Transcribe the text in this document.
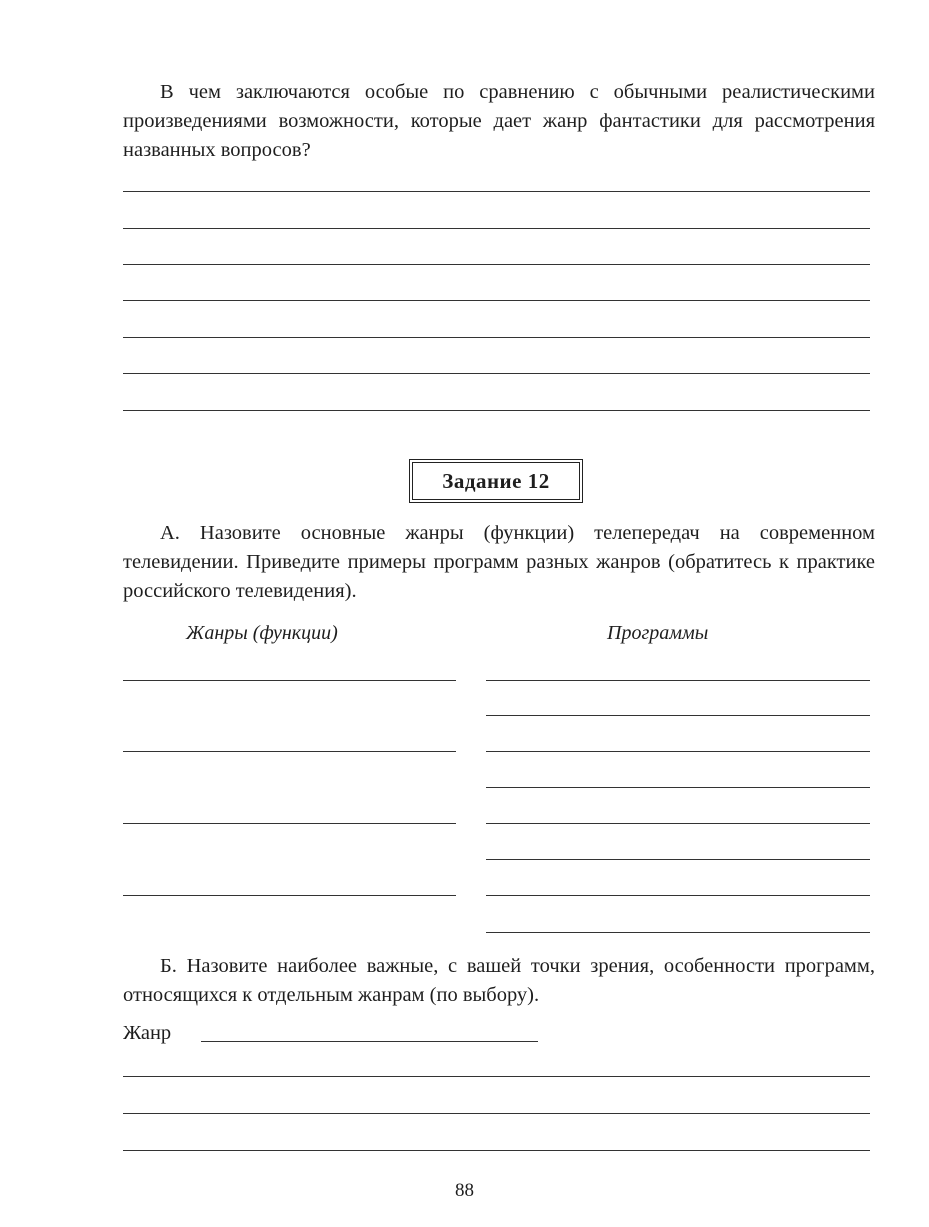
В чем заключаются особые по сравнению с обычными реалистическими произведениями возможности, которые дает жанр фантастики для рассмотрения названных вопросов?

Задание 12

А. Назовите основные жанры (функции) телепередач на современном телевидении. Приведите примеры программ разных жанров (обратитесь к практике российского телевидения).

Жанры (функции)	Программы

Б. Назовите наиболее важные, с вашей точки зрения, особенности программ, относящихся к отдельным жанрам (по выбору).

Жанр
88
